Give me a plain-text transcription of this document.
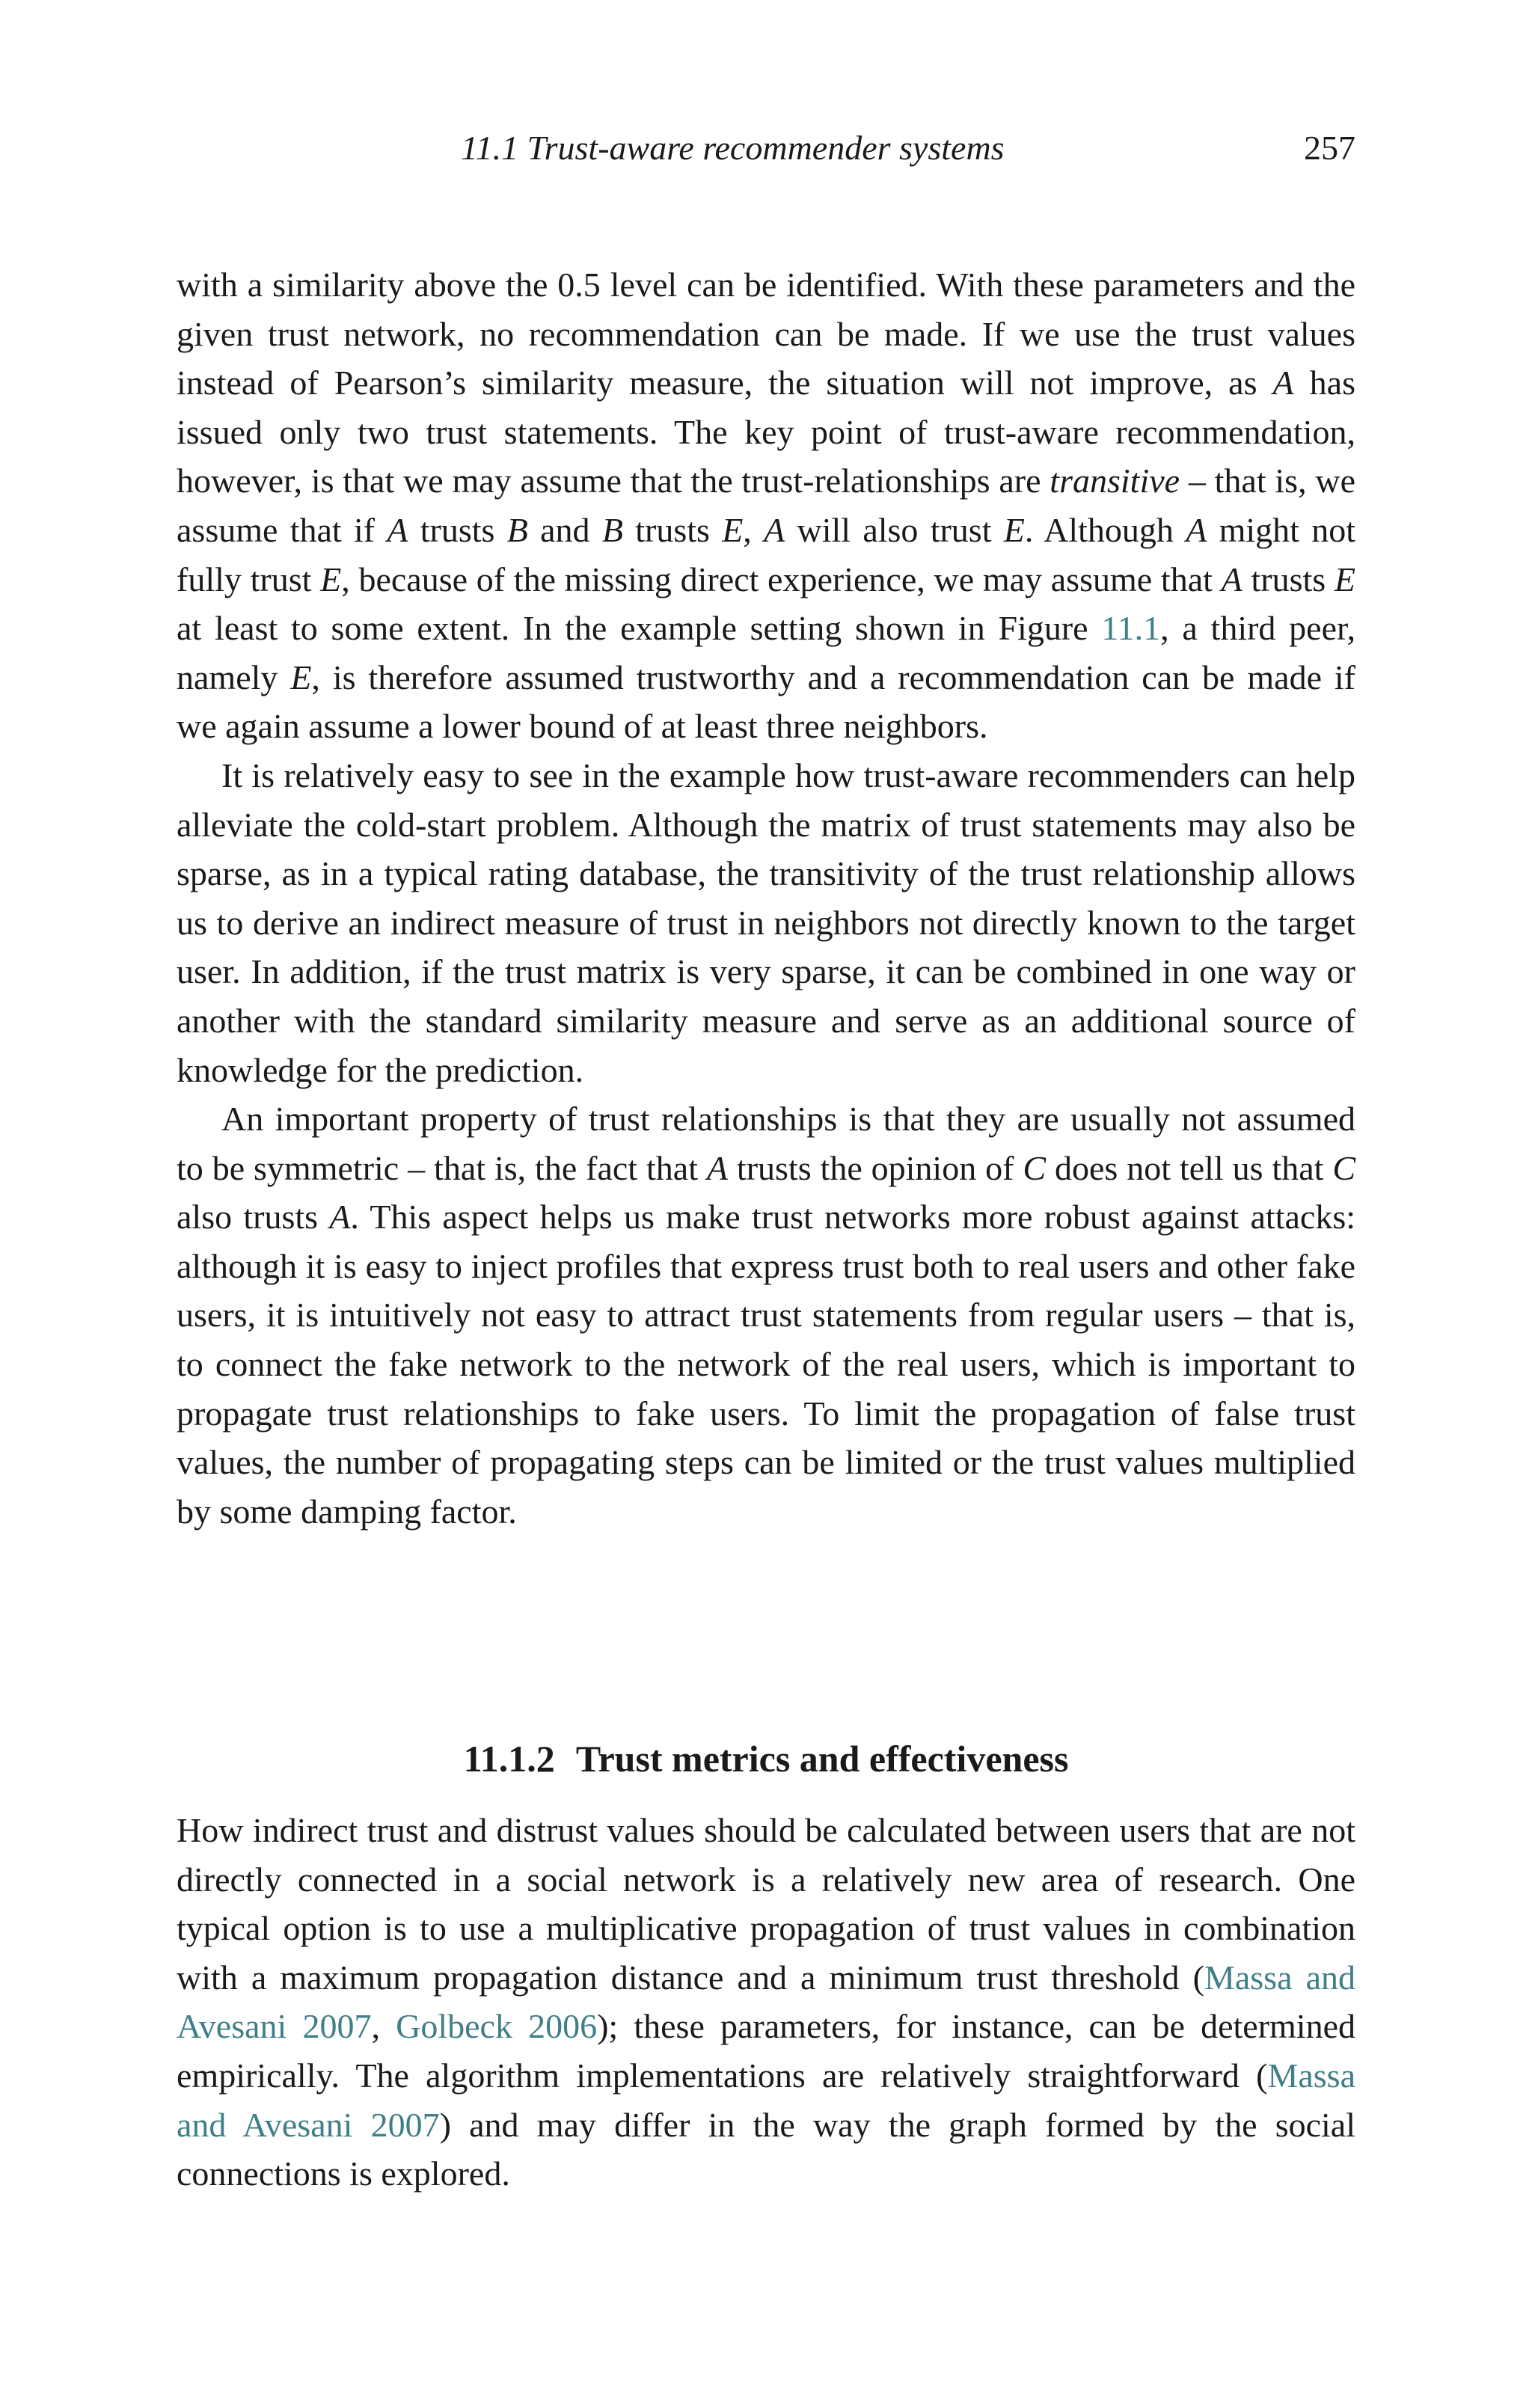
11.1 Trust-aware recommender systems	257

with a similarity above the 0.5 level can be identified. With these parameters and the given trust network, no recommendation can be made. If we use the trust values instead of Pearson’s similarity measure, the situation will not improve, as A has issued only two trust statements. The key point of trust-aware recommendation, however, is that we may assume that the trust-relationships are transitive – that is, we assume that if A trusts B and B trusts E, A will also trust E. Although A might not fully trust E, because of the missing direct experience, we may assume that A trusts E at least to some extent. In the example setting shown in Figure 11.1, a third peer, namely E, is therefore assumed trustworthy and a recommendation can be made if we again assume a lower bound of at least three neighbors.

It is relatively easy to see in the example how trust-aware recommenders can help alleviate the cold-start problem. Although the matrix of trust statements may also be sparse, as in a typical rating database, the transitivity of the trust relationship allows us to derive an indirect measure of trust in neighbors not directly known to the target user. In addition, if the trust matrix is very sparse, it can be combined in one way or another with the standard similarity measure and serve as an additional source of knowledge for the prediction.

An important property of trust relationships is that they are usually not assumed to be symmetric – that is, the fact that A trusts the opinion of C does not tell us that C also trusts A. This aspect helps us make trust networks more robust against attacks: although it is easy to inject profiles that express trust both to real users and other fake users, it is intuitively not easy to attract trust statements from regular users – that is, to connect the fake network to the network of the real users, which is important to propagate trust relationships to fake users. To limit the propagation of false trust values, the number of propagating steps can be limited or the trust values multiplied by some damping factor.

11.1.2 Trust metrics and effectiveness

How indirect trust and distrust values should be calculated between users that are not directly connected in a social network is a relatively new area of research. One typical option is to use a multiplicative propagation of trust values in combination with a maximum propagation distance and a minimum trust threshold (Massa and Avesani 2007, Golbeck 2006); these parameters, for instance, can be determined empirically. The algorithm implementations are relatively straightforward (Massa and Avesani 2007) and may differ in the way the graph formed by the social connections is explored.
